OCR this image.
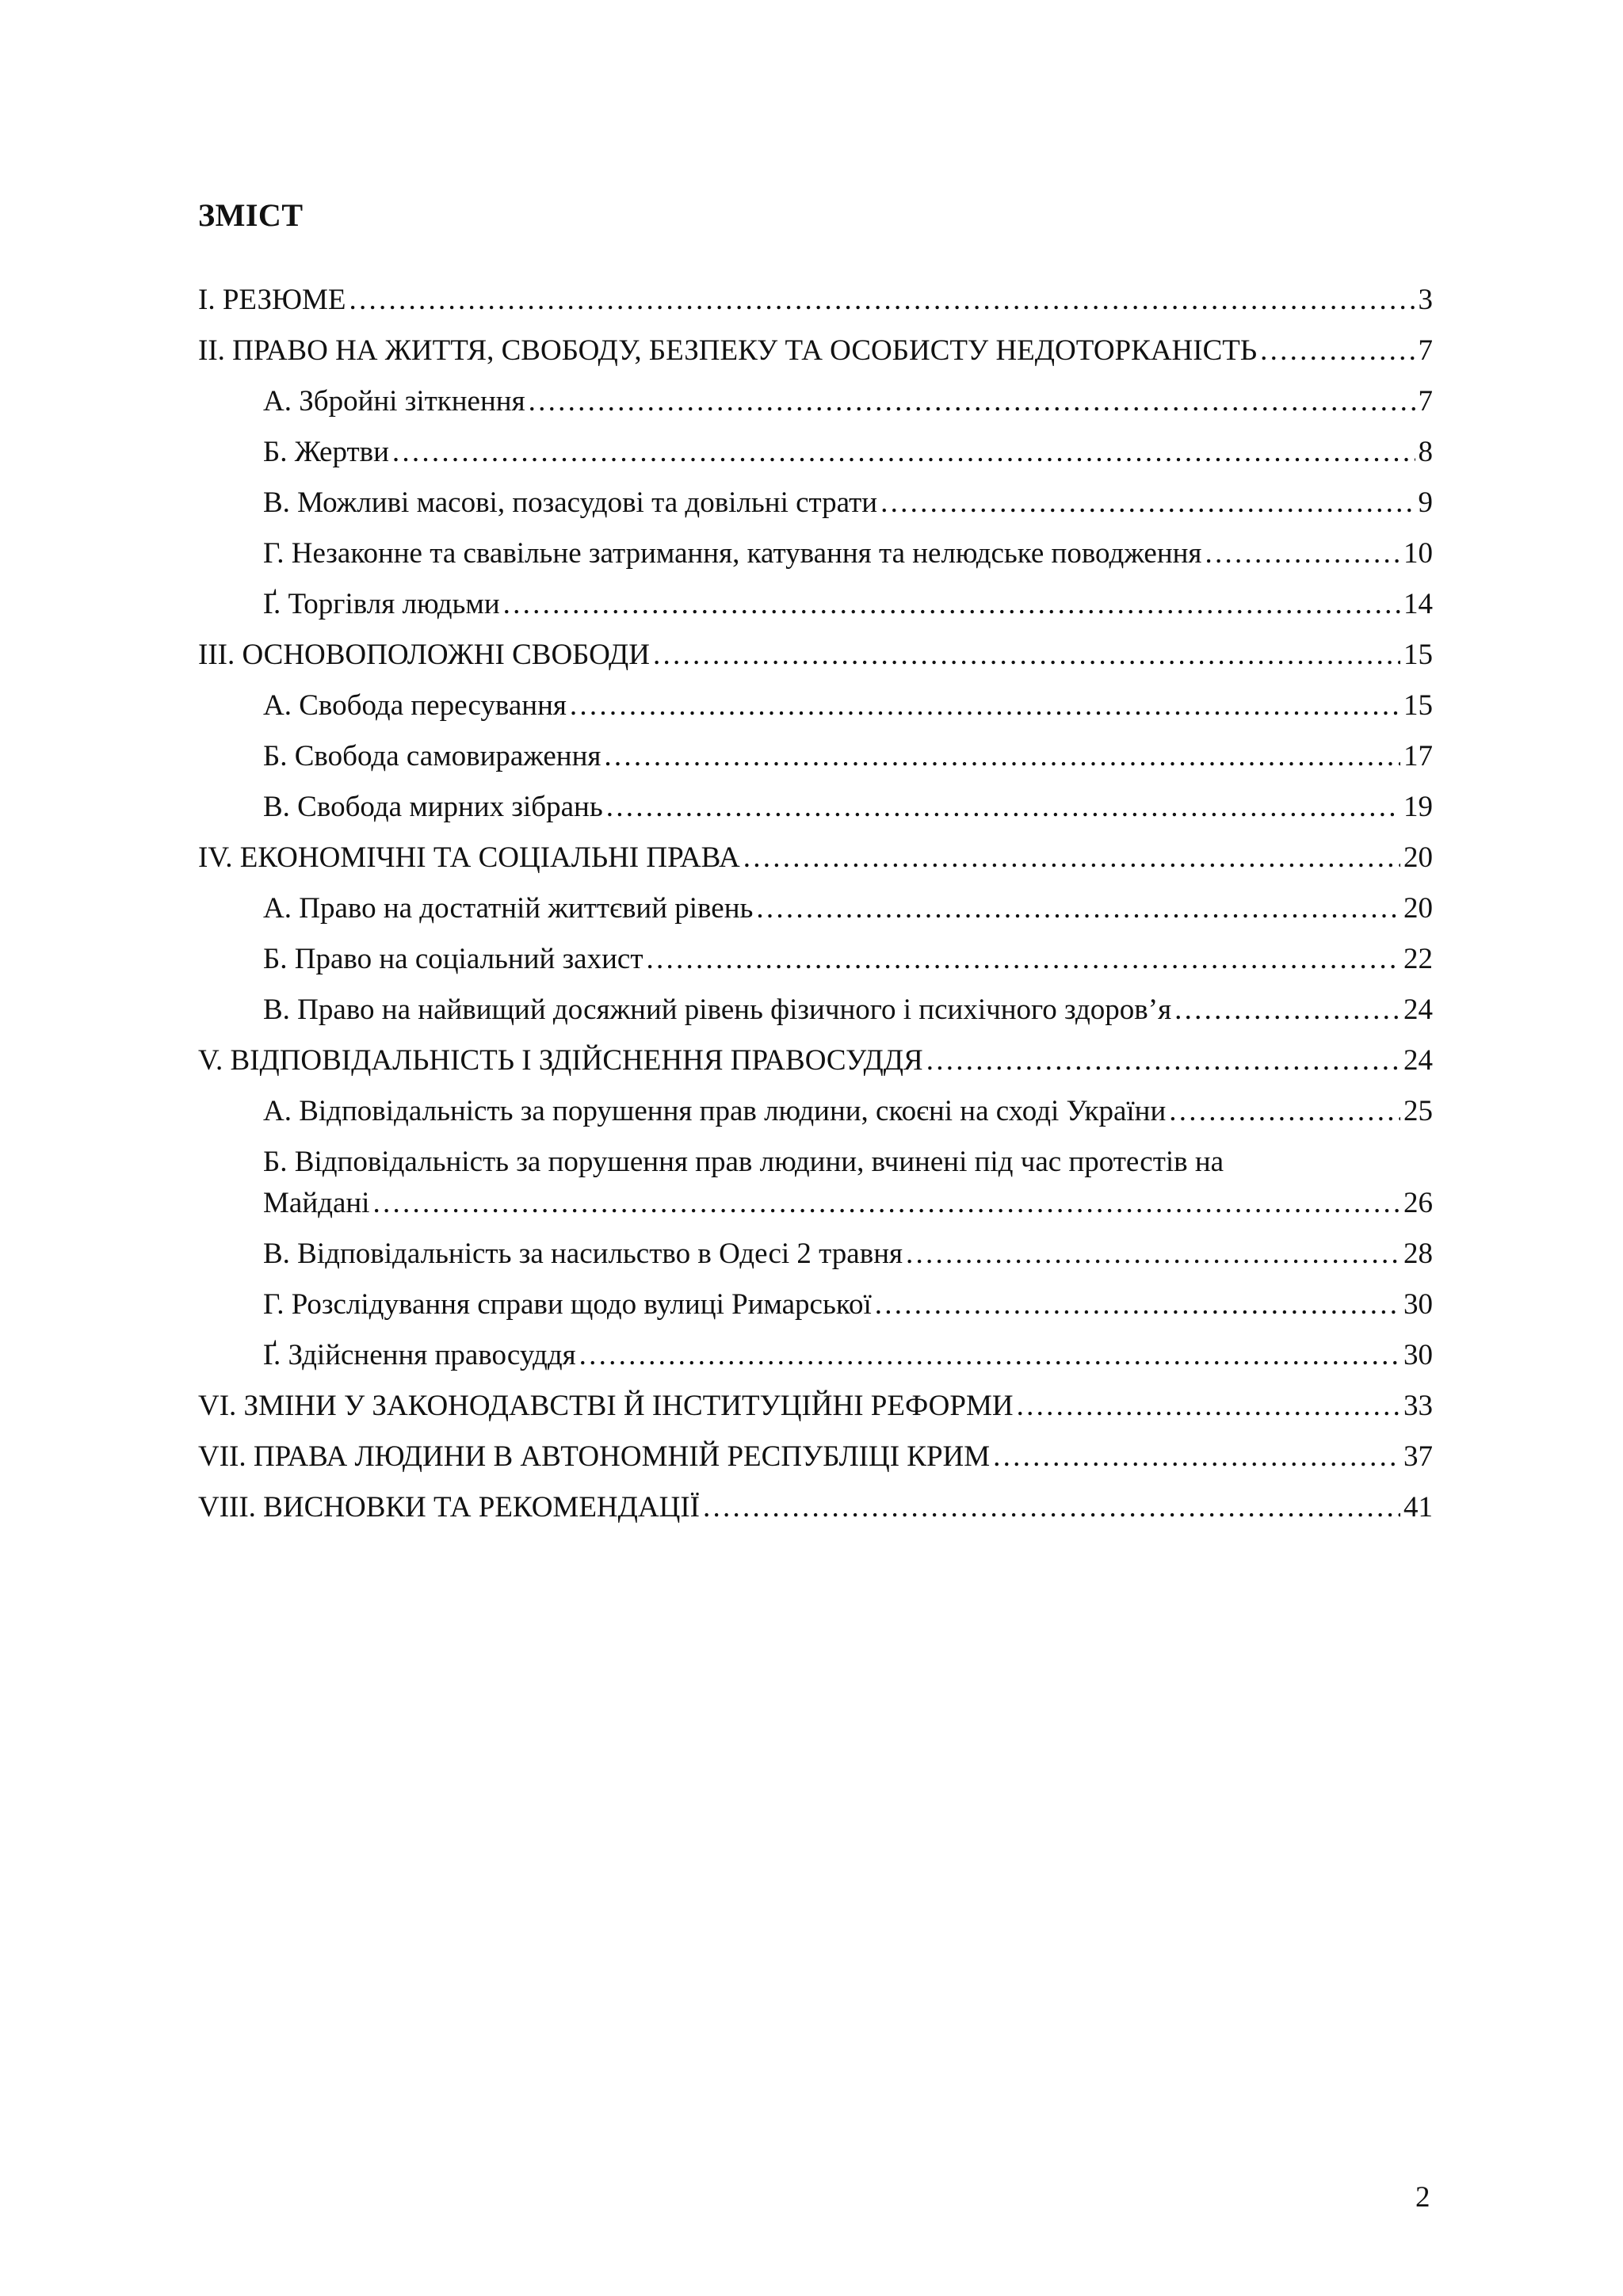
ЗМІСТ
I. РЕЗЮМЕ . . .	3
II. ПРАВО НА ЖИТТЯ, СВОБОДУ, БЕЗПЕКУ ТА ОСОБИСТУ НЕДОТОРКАНІСТЬ . . .	7
А. Збройні зіткнення . . .	7
Б. Жертви . . .	8
В. Можливі масові, позасудові та довільні страти . . .	9
Г. Незаконне та свавільне затримання, катування та нелюдське поводження . . .	10
Ґ. Торгівля людьми . . .	14
III. ОСНОВОПОЛОЖНІ СВОБОДИ . . .	15
А. Свобода пересування . . .	15
Б. Свобода самовираження . . .	17
В. Свобода мирних зібрань . . .	19
IV. ЕКОНОМІЧНІ ТА СОЦІАЛЬНІ ПРАВА . . .	20
А. Право на достатній життєвий рівень . . .	20
Б. Право на соціальний захист . . .	22
В. Право на найвищий досяжний рівень фізичного і психічного здоров’я . . .	24
V. ВІДПОВІДАЛЬНІСТЬ І ЗДІЙСНЕННЯ ПРАВОСУДДЯ . . .	24
А. Відповідальність за порушення прав людини, скоєні на сході України . . .	25
Б. Відповідальність за порушення прав людини, вчинені під час протестів на
Майдані . . .	26
В. Відповідальність за насильство в Одесі 2 травня . . .	28
Г. Розслідування справи щодо вулиці Римарської . . .	30
Ґ. Здійснення правосуддя . . .	30
VI. ЗМІНИ У ЗАКОНОДАВСТВІ Й ІНСТИТУЦІЙНІ РЕФОРМИ . . .	33
VII. ПРАВА ЛЮДИНИ В АВТОНОМНІЙ РЕСПУБЛІЦІ КРИМ . . .	37
VIII. ВИСНОВКИ ТА РЕКОМЕНДАЦІЇ . . .	41
2
